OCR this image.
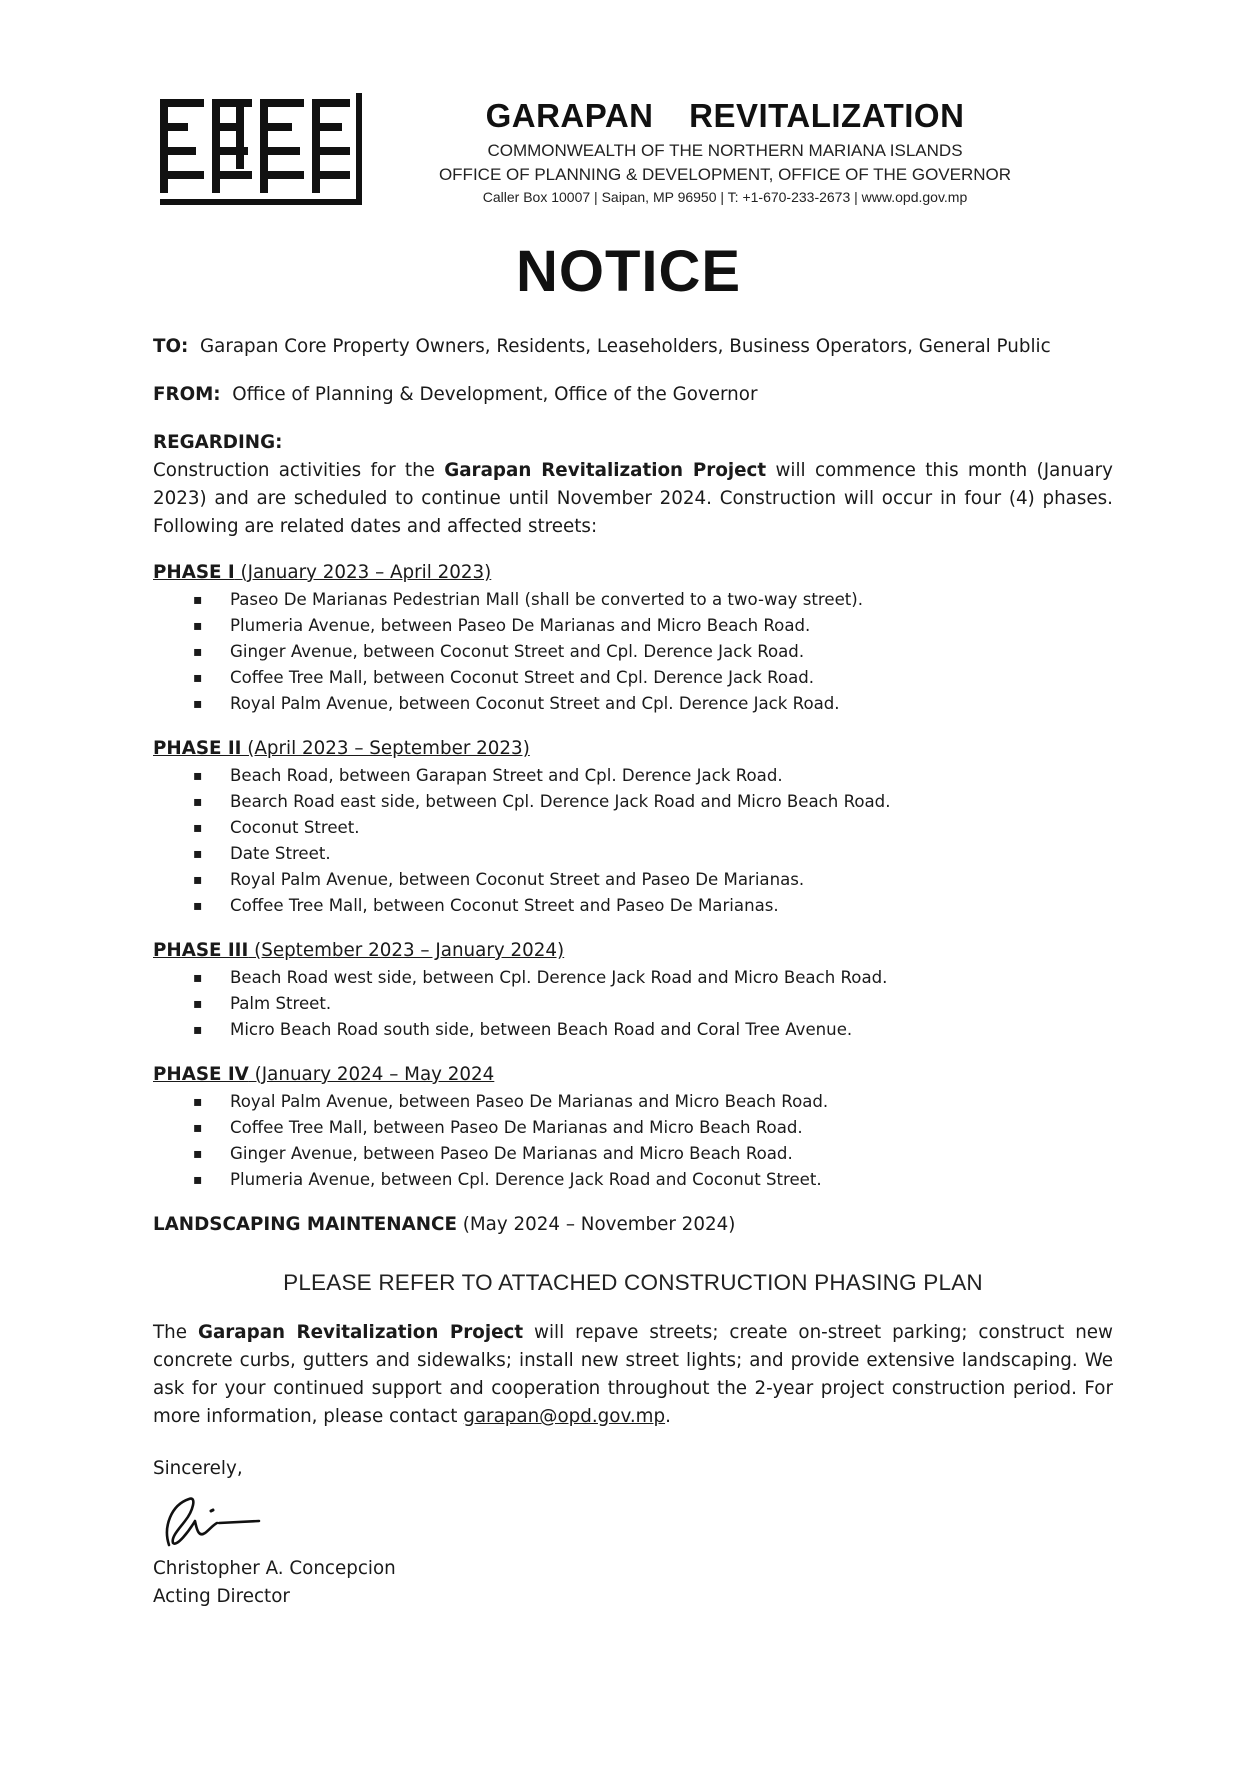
GARAPAN REVITALIZATION
COMMONWEALTH OF THE NORTHERN MARIANA ISLANDS
OFFICE OF PLANNING & DEVELOPMENT, OFFICE OF THE GOVERNOR
Caller Box 10007 | Saipan, MP 96950 | T: +1-670-233-2673 | www.opd.gov.mp
NOTICE

TO: Garapan Core Property Owners, Residents, Leaseholders, Business Operators, General Public

FROM: Office of Planning & Development, Office of the Governor

REGARDING:

Construction activities for the Garapan Revitalization Project will commence this month (January 2023) and are scheduled to continue until November 2024. Construction will occur in four (4) phases. Following are related dates and affected streets:

PHASE I (January 2023 – April 2023)

▪ Paseo De Marianas Pedestrian Mall (shall be converted to a two-way street).
▪ Plumeria Avenue, between Paseo De Marianas and Micro Beach Road.
▪ Ginger Avenue, between Coconut Street and Cpl. Derence Jack Road.
▪ Coffee Tree Mall, between Coconut Street and Cpl. Derence Jack Road.
▪ Royal Palm Avenue, between Coconut Street and Cpl. Derence Jack Road.

PHASE II (April 2023 – September 2023)

▪ Beach Road, between Garapan Street and Cpl. Derence Jack Road.
▪ Bearch Road east side, between Cpl. Derence Jack Road and Micro Beach Road.
▪ Coconut Street.
▪ Date Street.
▪ Royal Palm Avenue, between Coconut Street and Paseo De Marianas.
▪ Coffee Tree Mall, between Coconut Street and Paseo De Marianas.

PHASE III (September 2023 – January 2024)

▪ Beach Road west side, between Cpl. Derence Jack Road and Micro Beach Road.
▪ Palm Street.
▪ Micro Beach Road south side, between Beach Road and Coral Tree Avenue.

PHASE IV (January 2024 – May 2024

▪ Royal Palm Avenue, between Paseo De Marianas and Micro Beach Road.
▪ Coffee Tree Mall, between Paseo De Marianas and Micro Beach Road.
▪ Ginger Avenue, between Paseo De Marianas and Micro Beach Road.
▪ Plumeria Avenue, between Cpl. Derence Jack Road and Coconut Street.

LANDSCAPING MAINTENANCE (May 2024 – November 2024)

PLEASE REFER TO ATTACHED CONSTRUCTION PHASING PLAN

The Garapan Revitalization Project will repave streets; create on-street parking; construct new concrete curbs, gutters and sidewalks; install new street lights; and provide extensive landscaping. We ask for your continued support and cooperation throughout the 2-year project construction period. For more information, please contact garapan@opd.gov.mp.

Sincerely,

Christopher A. Concepcion

Acting Director
